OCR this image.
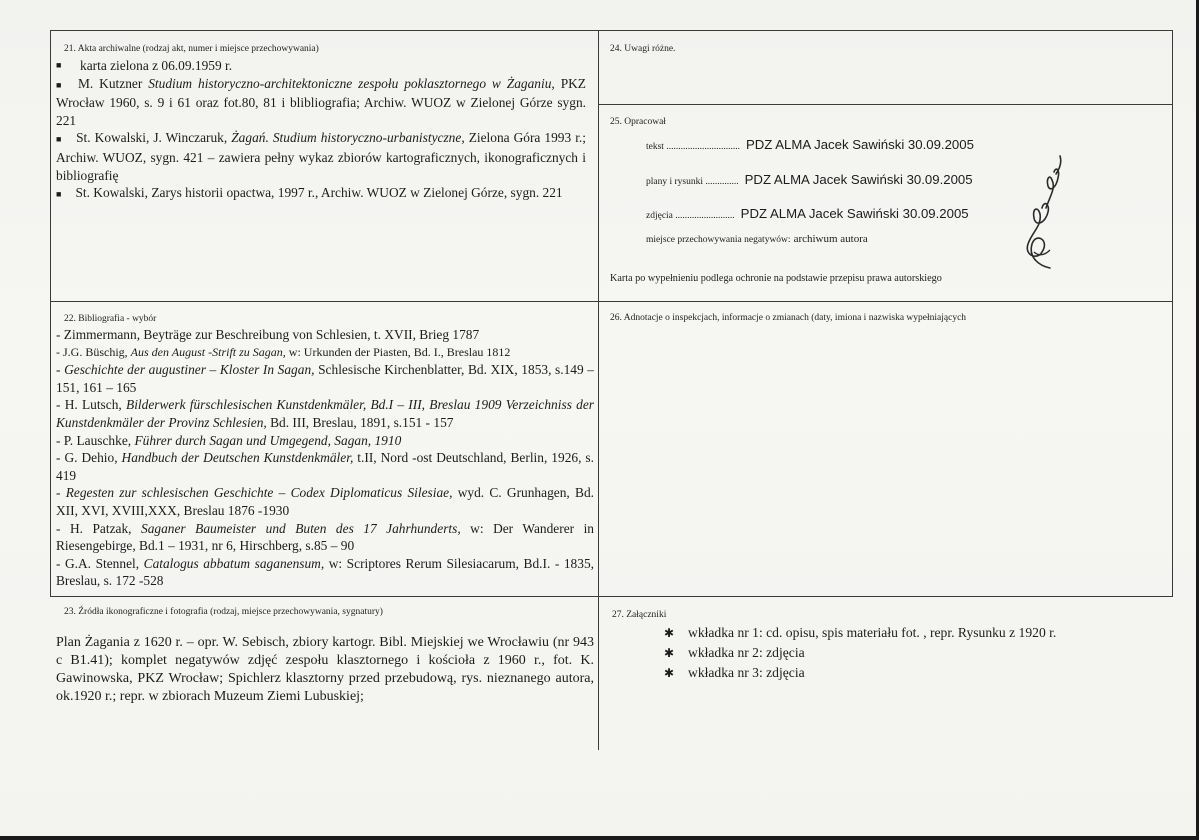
21. Akta archiwalne (rodzaj akt, numer i miejsce przechowywania)

■ karta zielona z 06.09.1959 r.

■ M. Kutzner Studium historyczno-architektoniczne zespołu poklasztornego w Żaganiu, PKZ Wrocław 1960, s. 9 i 61 oraz fot.80, 81 i blibliografia; Archiw. WUOZ w Zielonej Górze sygn. 221

■ St. Kowalski, J. Winczaruk, Żagań. Studium historyczno-urbanistyczne, Zielona Góra 1993 r.; Archiw. WUOZ, sygn. 421 – zawiera pełny wykaz zbiorów kartograficznych, ikonograficznych i bibliografię

■ St. Kowalski, Zarys historii opactwa, 1997 r., Archiw. WUOZ w Zielonej Górze, sygn. 221

24. Uwagi różne.
25. Opracował
tekst ............................... PDZ ALMA Jacek Sawiński 30.09.2005
plany i rysunki .............. PDZ ALMA Jacek Sawiński 30.09.2005
zdjęcia ......................... PDZ ALMA Jacek Sawiński 30.09.2005
miejsce przechowywania negatywów: archiwum autora
Karta po wypełnieniu podlega ochronie na podstawie przepisu prawa autorskiego
22. Bibliografia - wybór

- Zimmermann, Beyträge zur Beschreibung von Schlesien, t. XVII, Brieg 1787

- J.G. Büschig, Aus den August -Strift zu Sagan, w: Urkunden der Piasten, Bd. I., Breslau 1812

- Geschichte der augustiner – Kloster In Sagan, Schlesische Kirchenblatter, Bd. XIX, 1853, s.149 – 151, 161 – 165

- H. Lutsch, Bilderwerk fürschlesischen Kunstdenkmäler, Bd.I – III, Breslau 1909 Verzeichniss der Kunstdenkmäler der Provinz Schlesien, Bd. III, Breslau, 1891, s.151 - 157

- P. Lauschke, Führer durch Sagan und Umgegend, Sagan, 1910

- G. Dehio, Handbuch der Deutschen Kunstdenkmäler, t.II, Nord -ost Deutschland, Berlin, 1926, s. 419

- Regesten zur schlesischen Geschichte – Codex Diplomaticus Silesiae, wyd. C. Grunhagen, Bd. XII, XVI, XVIII,XXX, Breslau 1876 -1930

- H. Patzak, Saganer Baumeister und Buten des 17 Jahrhunderts, w: Der Wanderer in Riesengebirge, Bd.1 – 1931, nr 6, Hirschberg, s.85 – 90

- G.A. Stennel, Catalogus abbatum saganensum, w: Scriptores Rerum Silesiacarum, Bd.I. - 1835, Breslau, s. 172 -528

26. Adnotacje o inspekcjach, informacje o zmianach (daty, imiona i nazwiska wypełniających
23. Źródła ikonograficzne i fotografia (rodzaj, miejsce przechowywania, sygnatury)
Plan Żagania z 1620 r. – opr. W. Sebisch, zbiory kartogr. Bibl. Miejskiej we Wrocławiu (nr 943 c B1.41); komplet negatywów zdjęć zespołu klasztornego i kościoła z 1960 r., fot. K. Gawinowska, PKZ Wrocław; Spichlerz klasztorny przed przebudową, rys. nieznanego autora, ok.1920 r.; repr. w zbiorach Muzeum Ziemi Lubuskiej;
27. Załączniki
✱ wkładka nr 1: cd. opisu, spis materiału fot. , repr. Rysunku z 1920 r.
✱ wkładka nr 2: zdjęcia
✱ wkładka nr 3: zdjęcia
